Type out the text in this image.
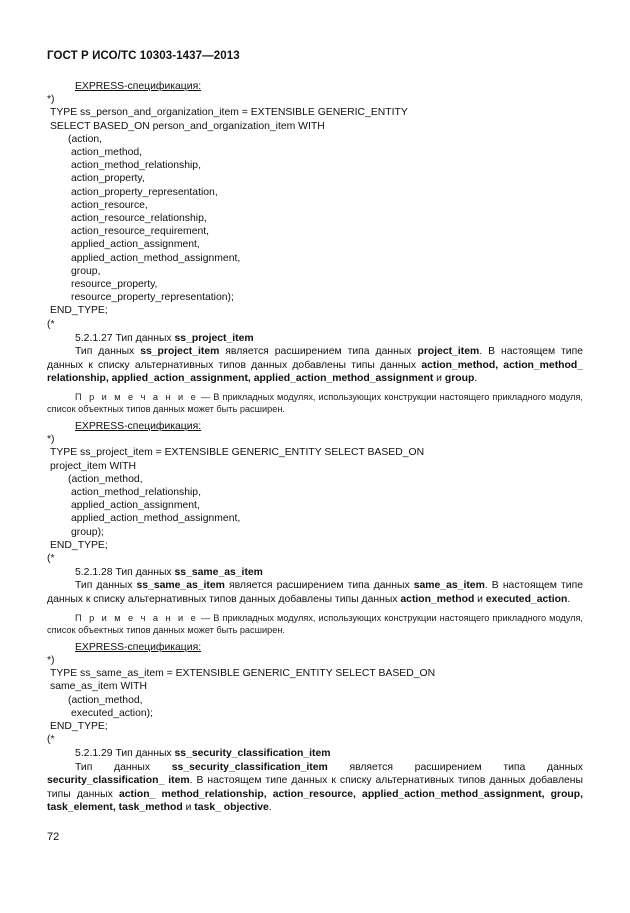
ГОСТ Р ИСО/ТС 10303-1437—2013
EXPRESS-спецификация:
*)
TYPE ss_person_and_organization_item = EXTENSIBLE GENERIC_ENTITY
SELECT BASED_ON person_and_organization_item WITH
(action,
action_method,
action_method_relationship,
action_property,
action_property_representation,
action_resource,
action_resource_relationship,
action_resource_requirement,
applied_action_assignment,
applied_action_method_assignment,
group,
resource_property,
resource_property_representation);
END_TYPE;
(*
5.2.1.27 Тип данных ss_project_item
Тип данных ss_project_item является расширением типа данных project_item. В настоящем типе данных к списку альтернативных типов данных добавлены типы данных action_method, action_method_ relationship, applied_action_assignment, applied_action_method_assignment и group.
П р и м е ч а н и е — В прикладных модулях, использующих конструкции настоящего прикладного модуля, список объектных типов данных может быть расширен.
EXPRESS-спецификация:
*)
TYPE ss_project_item = EXTENSIBLE GENERIC_ENTITY SELECT BASED_ON
project_item WITH
(action_method,
action_method_relationship,
applied_action_assignment,
applied_action_method_assignment,
group);
END_TYPE;
(*
5.2.1.28 Тип данных ss_same_as_item
Тип данных ss_same_as_item является расширением типа данных same_as_item. В настоящем типе данных к списку альтернативных типов данных добавлены типы данных action_method и executed_action.
П р и м е ч а н и е — В прикладных модулях, использующих конструкции настоящего прикладного модуля, список объектных типов данных может быть расширен.
EXPRESS-спецификация:
*)
TYPE ss_same_as_item = EXTENSIBLE GENERIC_ENTITY SELECT BASED_ON
same_as_item WITH
(action_method,
executed_action);
END_TYPE;
(*
5.2.1.29 Тип данных ss_security_classification_item
Тип данных ss_security_classification_item является расширением типа данных security_classification_ item. В настоящем типе данных к списку альтернативных типов данных добавлены типы данных action_ method_relationship, action_resource, applied_action_method_assignment, group, task_element, task_method и task_ objective.
72
